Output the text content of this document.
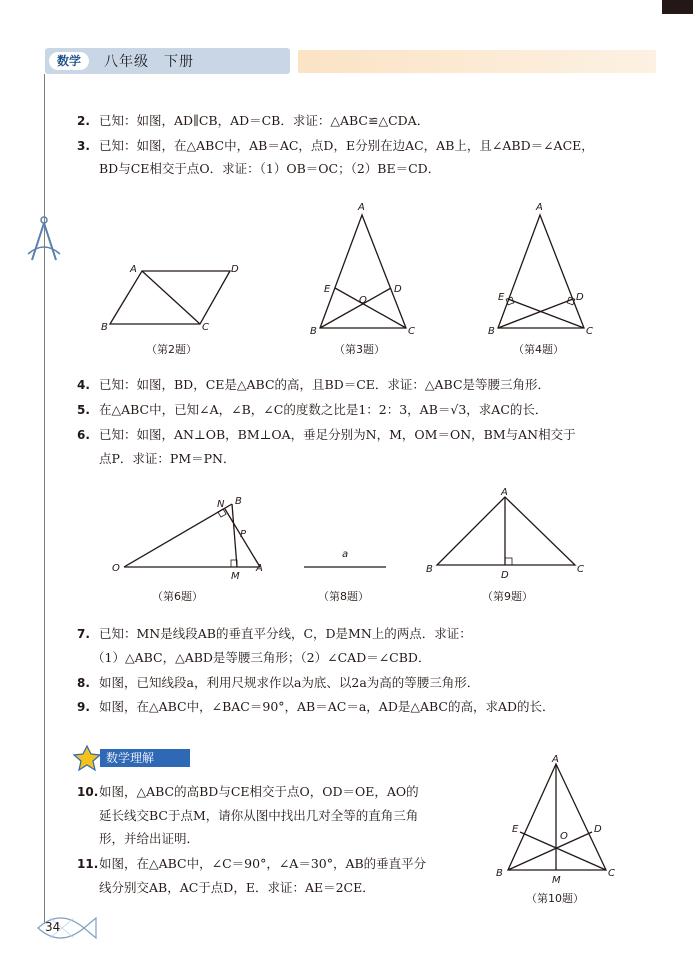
数学	八年级　下册
2. 已知：如图，AD∥CB，AD＝CB．求证：△ABC≌△CDA．
3. 已知：如图，在△ABC中，AB＝AC，点D，E分别在边AC，AB上，且∠ABD＝∠ACE，
BD与CE相交于点O．求证：（1）OB＝OC；（2）BE＝CD．
A	D
B	C
（第2题）
A
E
O
D
B	C
（第3题）
A
E	D
B	C
（第4题）
4. 已知：如图，BD，CE是△ABC的高，且BD＝CE．求证：△ABC是等腰三角形．
5. 在△ABC中，已知∠A，∠B，∠C的度数之比是1：2：3，AB＝√3，求AC的长．
6. 已知：如图，AN⊥OB，BM⊥OA，垂足分别为N，M，OM＝ON，BM与AN相交于
点P．求证：PM＝PN．
N B
P
O
M
A
（第6题）
a
（第8题）
A
B
D
C
（第9题）
7. 已知：MN是线段AB的垂直平分线，C，D是MN上的两点．求证：
（1）△ABC，△ABD是等腰三角形；（2）∠CAD＝∠CBD．
8. 如图，已知线段a，利用尺规求作以a为底、以2a为高的等腰三角形．
9. 如图，在△ABC中，∠BAC＝90°，AB＝AC＝a，AD是△ABC的高，求AD的长．
数学理解
10.如图，△ABC的高BD与CE相交于点O，OD＝OE，AO的
延长线交BC于点M，请你从图中找出几对全等的直角三角
形，并给出证明．
11.如图，在△ABC中，∠C＝90°，∠A＝30°，AB的垂直平分
线分别交AB，AC于点D，E．求证：AE＝2CE．
A
E	D
O
B
M
C
（第10题）
34
